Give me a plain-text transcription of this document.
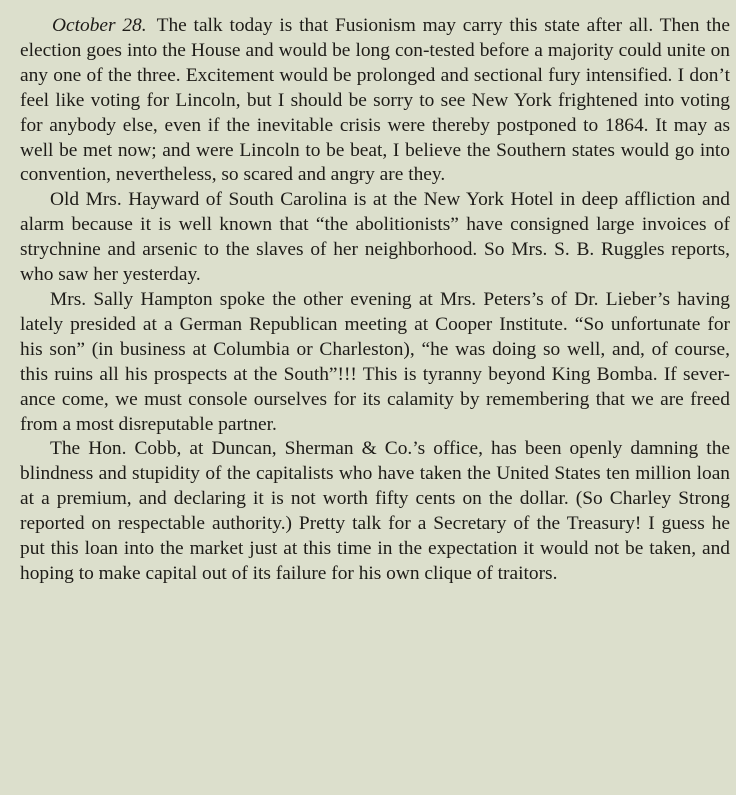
October 28. The talk today is that Fusionism may carry this state after all. Then the election goes into the House and would be long con-tested before a majority could unite on any one of the three. Excitement would be prolonged and sectional fury intensified. I don’t feel like voting for Lincoln, but I should be sorry to see New York frightened into voting for anybody else, even if the inevitable crisis were thereby postponed to 1864. It may as well be met now; and were Lincoln to be beat, I believe the Southern states would go into convention, nevertheless, so scared and angry are they.

Old Mrs. Hayward of South Carolina is at the New York Hotel in deep affliction and alarm because it is well known that “the abolitionists” have consigned large invoices of strychnine and arsenic to the slaves of her neighborhood. So Mrs. S. B. Ruggles reports, who saw her yesterday.

Mrs. Sally Hampton spoke the other evening at Mrs. Peters’s of Dr. Lieber’s having lately presided at a German Republican meeting at Cooper Institute. “So unfortunate for his son” (in business at Columbia or Charleston), “he was doing so well, and, of course, this ruins all his prospects at the South”!!! This is tyranny beyond King Bomba. If sever-ance come, we must console ourselves for its calamity by remembering that we are freed from a most disreputable partner.

The Hon. Cobb, at Duncan, Sherman & Co.’s office, has been openly damning the blindness and stupidity of the capitalists who have taken the United States ten million loan at a premium, and declaring it is not worth fifty cents on the dollar. (So Charley Strong reported on respectable authority.) Pretty talk for a Secretary of the Treasury! I guess he put this loan into the market just at this time in the expectation it would not be taken, and hoping to make capital out of its failure for his own clique of traitors.
